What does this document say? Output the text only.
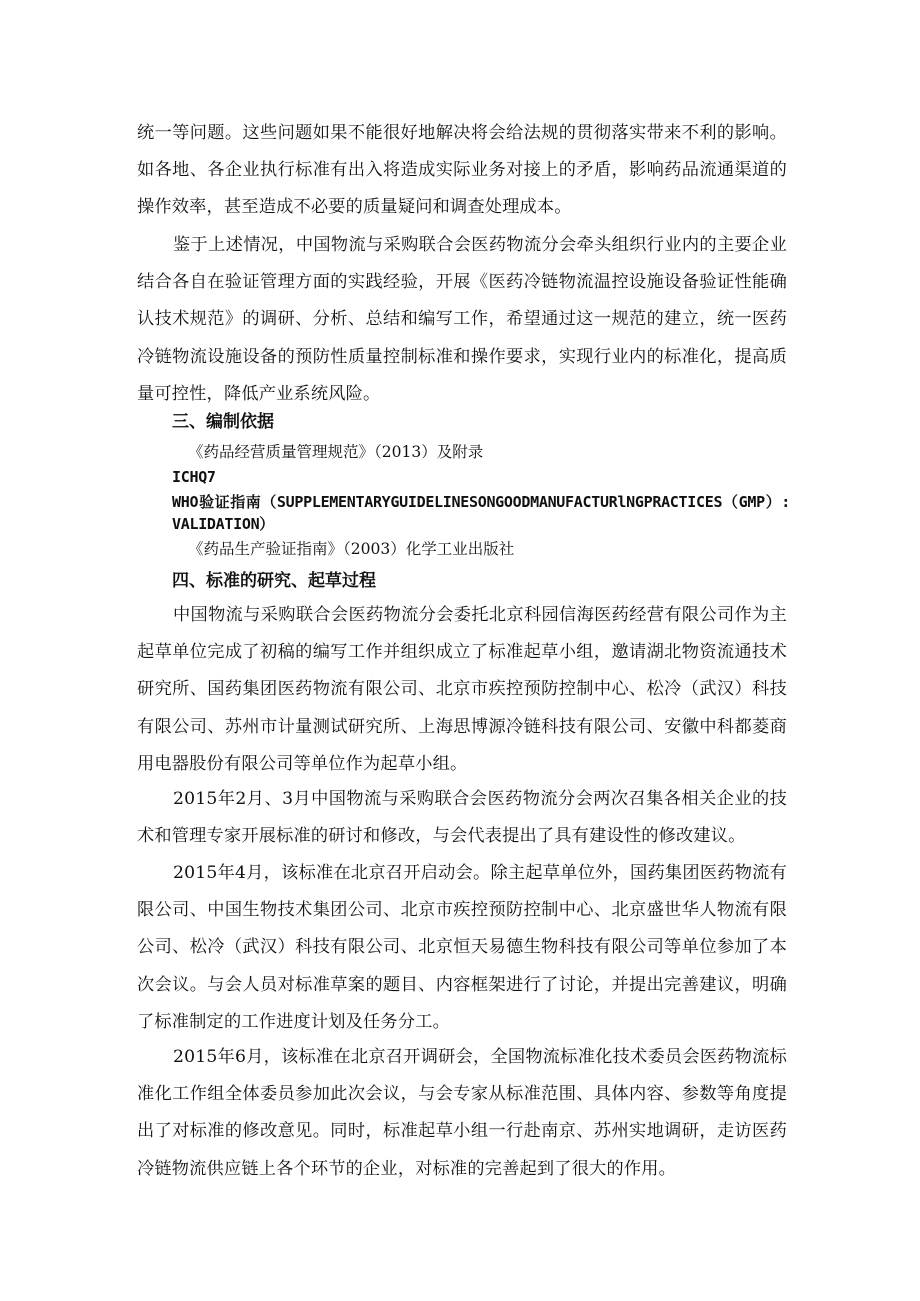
统一等问题。这些问题如果不能很好地解决将会给法规的贯彻落实带来不利的影响。如各地、各企业执行标准有出入将造成实际业务对接上的矛盾，影响药品流通渠道的操作效率，甚至造成不必要的质量疑问和调查处理成本。

鉴于上述情况，中国物流与采购联合会医药物流分会牵头组织行业内的主要企业结合各自在验证管理方面的实践经验，开展《医药冷链物流温控设施设备验证性能确认技术规范》的调研、分析、总结和编写工作，希望通过这一规范的建立，统一医药冷链物流设施设备的预防性质量控制标准和操作要求，实现行业内的标准化，提高质量可控性，降低产业系统风险。

三、编制依据

《药品经营质量管理规范》（2013）及附录

ICHQ7

WHO验证指南（SUPPLEMENTARYGUIDELINESONGOODMANUFACTURlNGPRACTICES（GMP）:VALIDATION）

《药品生产验证指南》（2003）化学工业出版社

四、标准的研究、起草过程

中国物流与采购联合会医药物流分会委托北京科园信海医药经营有限公司作为主起草单位完成了初稿的编写工作并组织成立了标准起草小组，邀请湖北物资流通技术研究所、国药集团医药物流有限公司、北京市疾控预防控制中心、松冷（武汉）科技有限公司、苏州市计量测试研究所、上海思博源冷链科技有限公司、安徽中科都菱商用电器股份有限公司等单位作为起草小组。

2015年2月、3月中国物流与采购联合会医药物流分会两次召集各相关企业的技术和管理专家开展标准的研讨和修改，与会代表提出了具有建设性的修改建议。

2015年4月，该标准在北京召开启动会。除主起草单位外，国药集团医药物流有限公司、中国生物技术集团公司、北京市疾控预防控制中心、北京盛世华人物流有限公司、松冷（武汉）科技有限公司、北京恒天易德生物科技有限公司等单位参加了本次会议。与会人员对标准草案的题目、内容框架进行了讨论，并提出完善建议，明确了标准制定的工作进度计划及任务分工。

2015年6月，该标准在北京召开调研会，全国物流标准化技术委员会医药物流标准化工作组全体委员参加此次会议，与会专家从标准范围、具体内容、参数等角度提出了对标准的修改意见。同时，标准起草小组一行赴南京、苏州实地调研，走访医药冷链物流供应链上各个环节的企业，对标准的完善起到了很大的作用。
